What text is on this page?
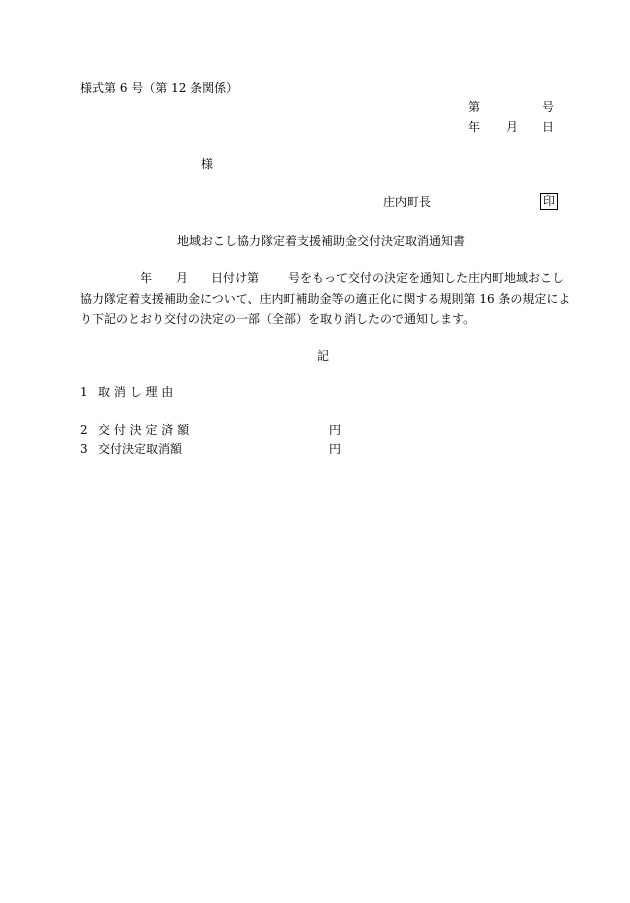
様式第 6 号（第 12 条関係）
第	号
年 月 日
様
庄内町長	印
地域おこし協力隊定着支援補助金交付決定取消通知書
年 月 日付け第 号をもって交付の決定を通知した庄内町地域おこし
協力隊定着支援補助金について、庄内町補助金等の適正化に関する規則第 16 条の規定によ
り下記のとおり交付の決定の一部（全部）を取り消したので通知します。
記
1 取 消 し 理 由
2 交 付 決 定 済 額	円
3 交付決定取消額	円
